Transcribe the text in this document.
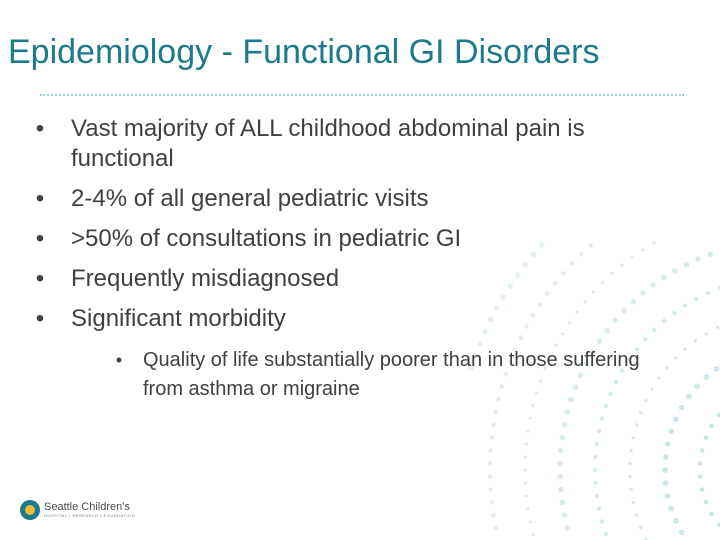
Epidemiology - Functional GI Disorders
• Vast majority of ALL childhood abdominal pain is functional
• 2-4% of all general pediatric visits
• >50% of consultations in pediatric GI
• Frequently misdiagnosed
• Significant morbidity
• Quality of life substantially poorer than in those suffering from asthma or migraine
Seattle Children's
HOSPITAL • RESEARCH • FOUNDATION
